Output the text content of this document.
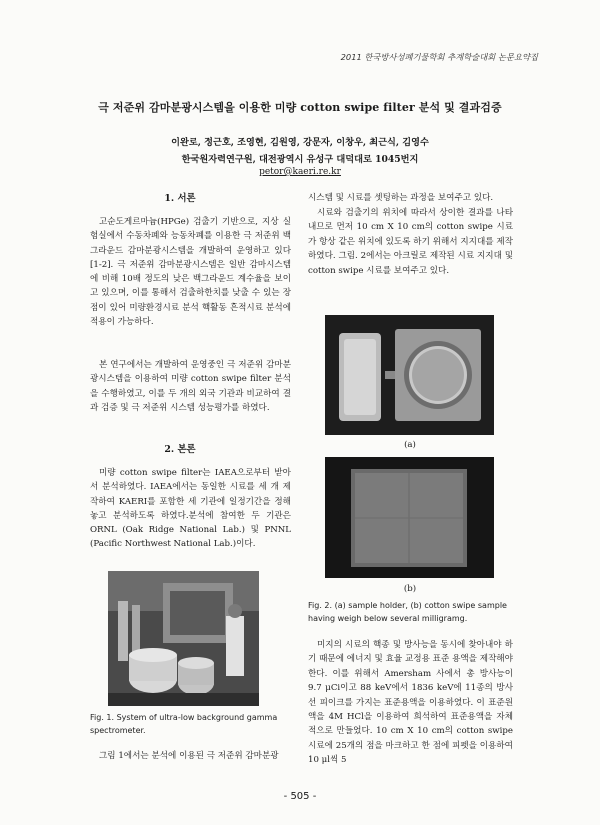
2011 한국방사성폐기물학회 추계학술대회 논문요약집
극 저준위 감마분광시스템을 이용한 미량 cotton swipe filter 분석 및 결과검증
이완로, 정근호, 조영현, 김원영, 강문자, 이창우, 최근식, 김영수
한국원자력연구원, 대전광역시 유성구 대덕대로 1045번지
petor@kaeri.re.kr
1. 서론

고순도게르마늄(HPGe) 검출기 기반으로, 지상 실험실에서 수동차폐와 능동차폐를 이용한 극 저준위 백그라운드 감마분광시스템을 개발하여 운영하고 있다[1-2]. 극 저준위 감마분광시스템은 일반 감마시스템에 비해 10배 정도의 낮은 백그라운드 계수율을 보이고 있으며, 이를 통해서 검출하한치를 낮출 수 있는 장점이 있어 미량환경시료 분석 핵활동 흔적시료 분석에 적용이 가능하다.

본 연구에서는 개발하여 운영중인 극 저준위 감마분광시스템을 이용하여 미량 cotton swipe filter 분석을 수행하였고, 이를 두 개의 외국 기관과 비교하여 결과 검증 및 극 저준위 시스템 성능평가를 하였다.

2. 본론

미량 cotton swipe filter는 IAEA으로부터 받아서 분석하였다. IAEA에서는 동일한 시료를 세 개 제작하여 KAERI를 포함한 세 기관에 일정기간을 정해놓고 분석하도록 하였다.분석에 참여한 두 기관은 ORNL (Oak Ridge National Lab.) 및 PNNL (Pacific Northwest National Lab.)이다.

Fig. 1. System of ultra-low background gamma spectrometer.

그림 1에서는 분석에 이용된 극 저준위 감마분광

시스템 및 시료를 셋팅하는 과정을 보여주고 있다.

시료와 검출기의 위치에 따라서 상이한 결과를 나타내므로 먼저 10 cm X 10 cm의 cotton swipe 시료가 항상 같은 위치에 있도록 하기 위해서 지지대를 제작하였다. 그림. 2에서는 아크릴로 제작된 시료 지지대 및 cotton swipe 시료를 보여주고 있다.

(a)
(b)
Fig. 2. (a) sample holder, (b) cotton swipe sample having weigh below several milligramg.

미지의 시료의 핵종 및 방사능을 동시에 찾아내야 하기 때문에 에너지 및 효율 교정용 표준 용액을 제작해야 한다. 이를 위해서 Amersham 사에서 총 방사능이 9.7 μCi이고 88 keV에서 1836 keV에 11종의 방사선 피이크를 가지는 표준용액을 이용하였다. 이 표준원액을 4M HCl을 이용하여 희석하여 표준용액을 자체적으로 만들었다. 10 cm X 10 cm의 cotton swipe 시료에 25개의 점을 마크하고 한 점에 피펫을 이용하여 10 μl씩 5

- 505 -
